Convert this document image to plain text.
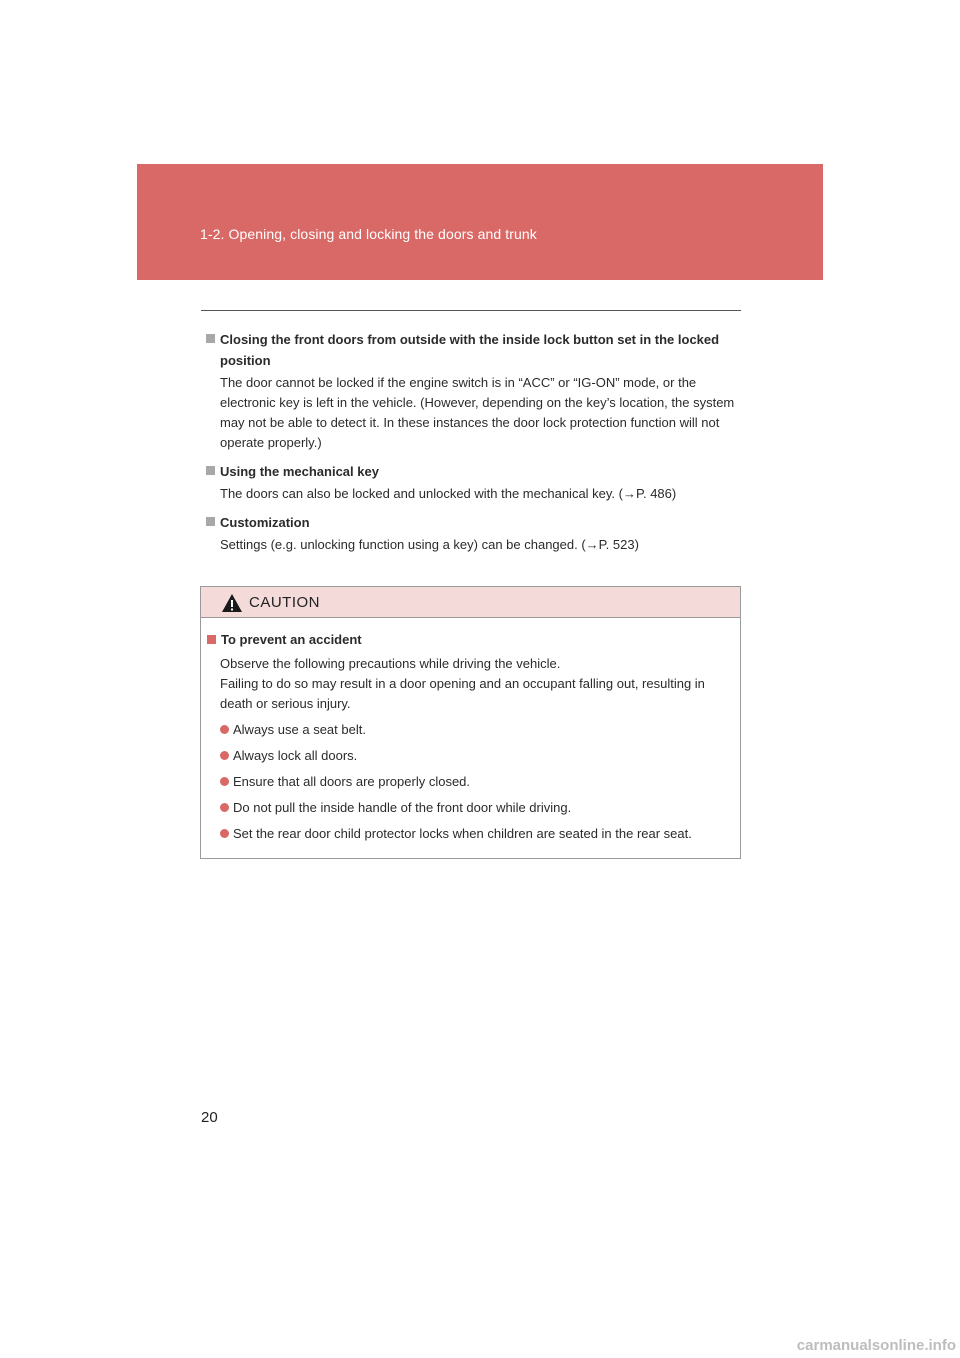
1-2. Opening, closing and locking the doors and trunk
Closing the front doors from outside with the inside lock button set in the locked position
The door cannot be locked if the engine switch is in “ACC” or “IG-ON” mode, or the electronic key is left in the vehicle. (However, depending on the key’s location, the system may not be able to detect it. In these instances the door lock protection function will not operate properly.)
Using the mechanical key
The doors can also be locked and unlocked with the mechanical key. (→P. 486)
Customization
Settings (e.g. unlocking function using a key) can be changed. (→P. 523)
CAUTION
To prevent an accident
Observe the following precautions while driving the vehicle.
Failing to do so may result in a door opening and an occupant falling out, resulting in death or serious injury.
Always use a seat belt.
Always lock all doors.
Ensure that all doors are properly closed.
Do not pull the inside handle of the front door while driving.
Set the rear door child protector locks when children are seated in the rear seat.
20
carmanualsonline.info
